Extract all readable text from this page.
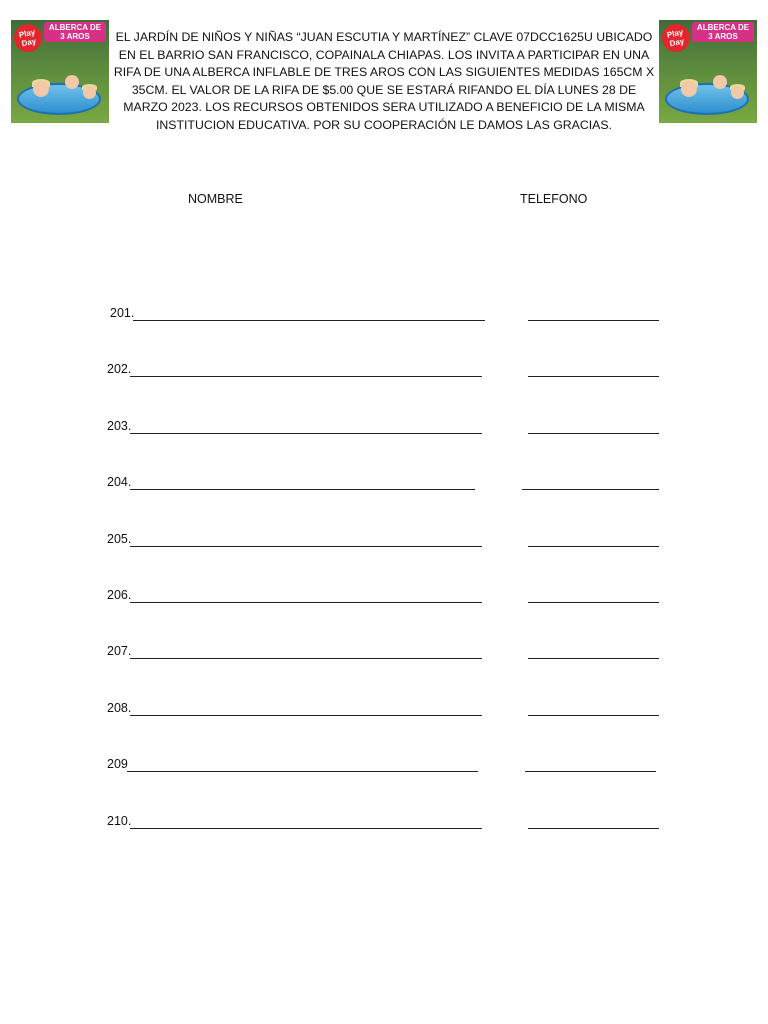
Play
Day
ALBERCA DE 3 AROS	Play
Day
ALBERCA DE 3 AROS
EL JARDÍN DE NIÑOS Y NIÑAS “JUAN ESCUTIA Y MARTÍNEZ” CLAVE 07DCC1625U UBICADO EN EL BARRIO SAN FRANCISCO, COPAINALA CHIAPAS. LOS INVITA A PARTICIPAR EN UNA RIFA DE UNA ALBERCA INFLABLE DE TRES AROS CON LAS SIGUIENTES MEDIDAS 165CM X 35CM. EL VALOR DE LA RIFA DE $5.00 QUE SE ESTARÁ RIFANDO EL DÍA LUNES 28 DE MARZO 2023. LOS RECURSOS OBTENIDOS SERA UTILIZADO A BENEFICIO DE LA MISMA INSTITUCION EDUCATIVA. POR SU COOPERACIÓN LE DAMOS LAS GRACIAS.
NOMBRE	TELEFONO
201.
202.
203.
204.
205.
206.
207.
208.
209
210.
